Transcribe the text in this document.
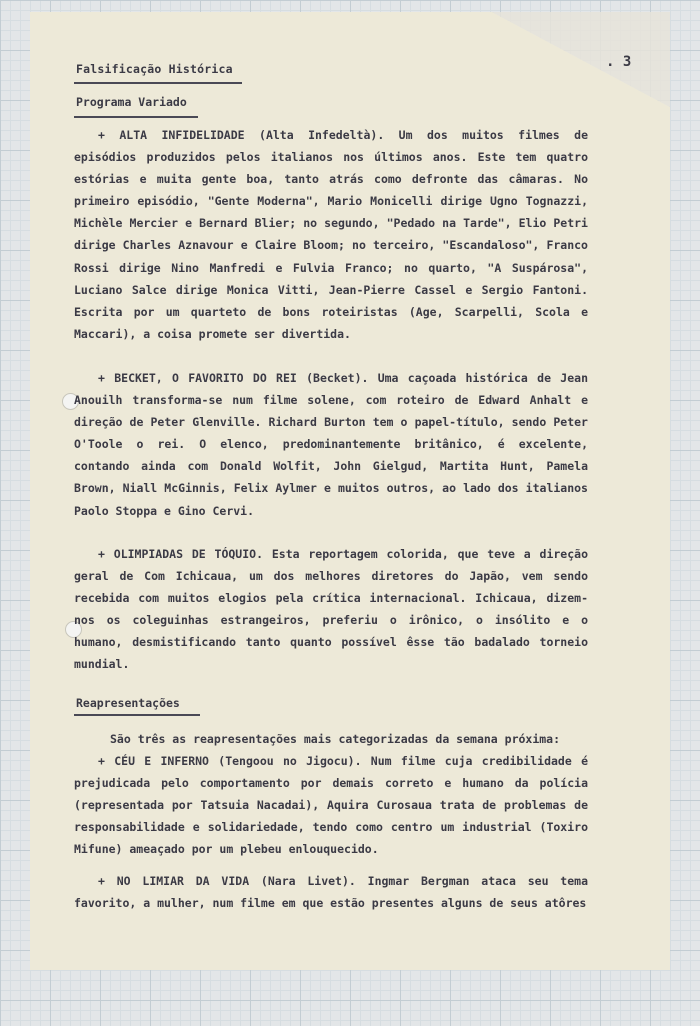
Falsificação Histórica	. 3
Programa Variado
+ ALTA INFIDELIDADE (Alta Infedeltà). Um dos muitos filmes de episódios produzidos pelos italianos nos últimos anos. Este tem quatro estórias e muita gente boa, tanto atrás como defronte das câmaras. No primeiro episódio, "Gente Moderna", Mario Monicelli dirige Ugno Tognazzi, Michèle Mercier e Bernard Blier; no segundo, "Pedado na Tarde", Elio Petri dirige Charles Aznavour e Claire Bloom; no terceiro, "Escandaloso", Franco Rossi dirige Nino Manfredi e Fulvia Franco; no quarto, "A Suspárosa", Luciano Salce dirige Monica Vitti, Jean-Pierre Cassel e Sergio Fantoni. Escrita por um quarteto de bons roteiristas (Age, Scarpelli, Scola e Maccari), a coisa promete ser divertida.
+ BECKET, O FAVORITO DO REI (Becket). Uma caçoada histórica de Jean Anouilh transforma-se num filme solene, com roteiro de Edward Anhalt e direção de Peter Glenville. Richard Burton tem o papel-título, sendo Peter O'Toole o rei. O elenco, predominantemente britânico, é excelente, contando ainda com Donald Wolfit, John Gielgud, Martita Hunt, Pamela Brown, Niall McGinnis, Felix Aylmer e muitos outros, ao lado dos italianos Paolo Stoppa e Gino Cervi.
+ OLIMPIADAS DE TÓQUIO. Esta reportagem colorida, que teve a direção geral de Com Ichicaua, um dos melhores diretores do Japão, vem sendo recebida com muitos elogios pela crítica internacional. Ichicaua, dizem-nos os coleguinhas estrangeiros, preferiu o irônico, o insólito e o humano, desmistificando tanto quanto possível êsse tão badalado torneio mundial.
Reapresentações
São três as reapresentações mais categorizadas da semana próxima:
+ CÉU E INFERNO (Tengoou no Jigocu). Num filme cuja credibilidade é prejudicada pelo comportamento por demais correto e humano da polícia (representada por Tatsuia Nacadai), Aquira Curosaua trata de problemas de responsabilidade e solidariedade, tendo como centro um industrial (Toxiro Mifune) ameaçado por um plebeu enlouquecido.
+ NO LIMIAR DA VIDA (Nara Livet). Ingmar Bergman ataca seu tema favorito, a mulher, num filme em que estão presentes alguns de seus atôres
